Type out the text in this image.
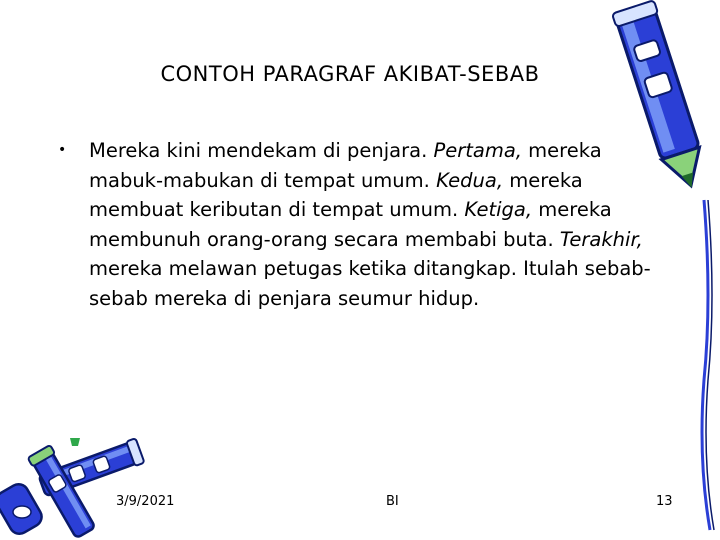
CONTOH PARAGRAF AKIBAT-SEBAB
•	Mereka kini mendekam di penjara. Pertama, mereka mabuk-mabukan di tempat umum. Kedua, mereka membuat keributan di tempat umum. Ketiga, mereka membunuh orang-orang secara membabi buta. Terakhir, mereka melawan petugas ketika ditangkap. Itulah sebab-sebab mereka di penjara seumur hidup.
3/9/2021	BI	13
